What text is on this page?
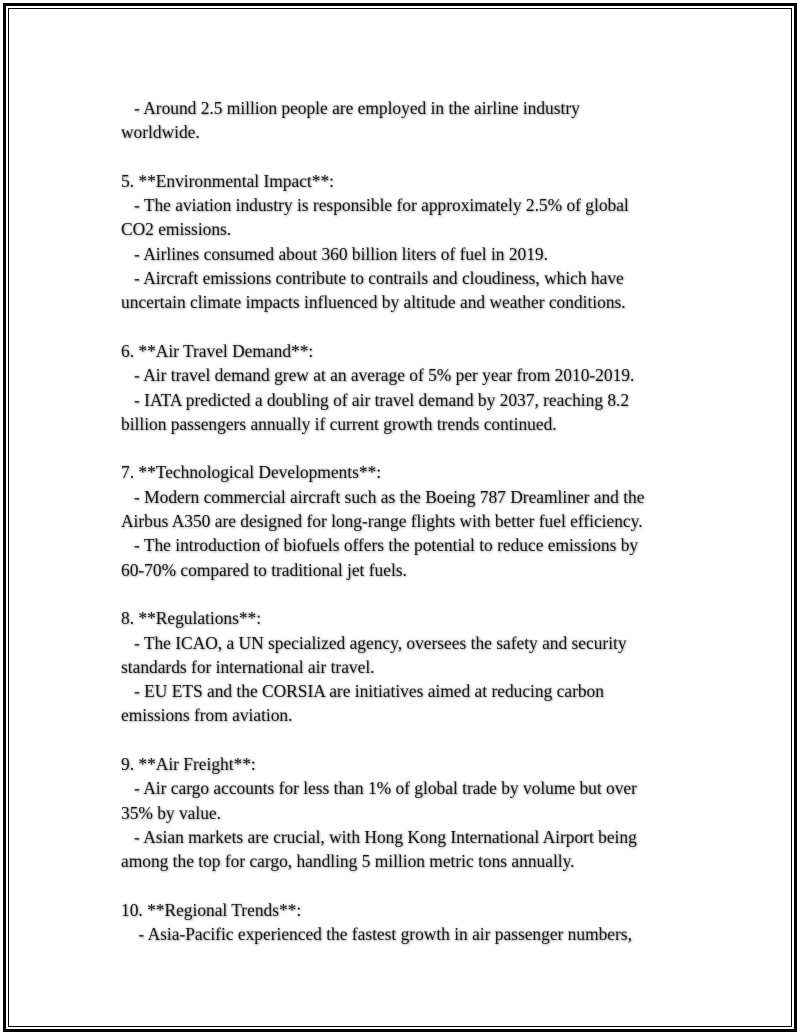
- Around 2.5 million people are employed in the airline industry
worldwide.
5. **Environmental Impact**:
- The aviation industry is responsible for approximately 2.5% of global
CO2 emissions.
- Airlines consumed about 360 billion liters of fuel in 2019.
- Aircraft emissions contribute to contrails and cloudiness, which have
uncertain climate impacts influenced by altitude and weather conditions.
6. **Air Travel Demand**:
- Air travel demand grew at an average of 5% per year from 2010-2019.
- IATA predicted a doubling of air travel demand by 2037, reaching 8.2
billion passengers annually if current growth trends continued.
7. **Technological Developments**:
- Modern commercial aircraft such as the Boeing 787 Dreamliner and the
Airbus A350 are designed for long-range flights with better fuel efficiency.
- The introduction of biofuels offers the potential to reduce emissions by
60-70% compared to traditional jet fuels.
8. **Regulations**:
- The ICAO, a UN specialized agency, oversees the safety and security
standards for international air travel.
- EU ETS and the CORSIA are initiatives aimed at reducing carbon
emissions from aviation.
9. **Air Freight**:
- Air cargo accounts for less than 1% of global trade by volume but over
35% by value.
- Asian markets are crucial, with Hong Kong International Airport being
among the top for cargo, handling 5 million metric tons annually.
10. **Regional Trends**:
- Asia-Pacific experienced the fastest growth in air passenger numbers,
